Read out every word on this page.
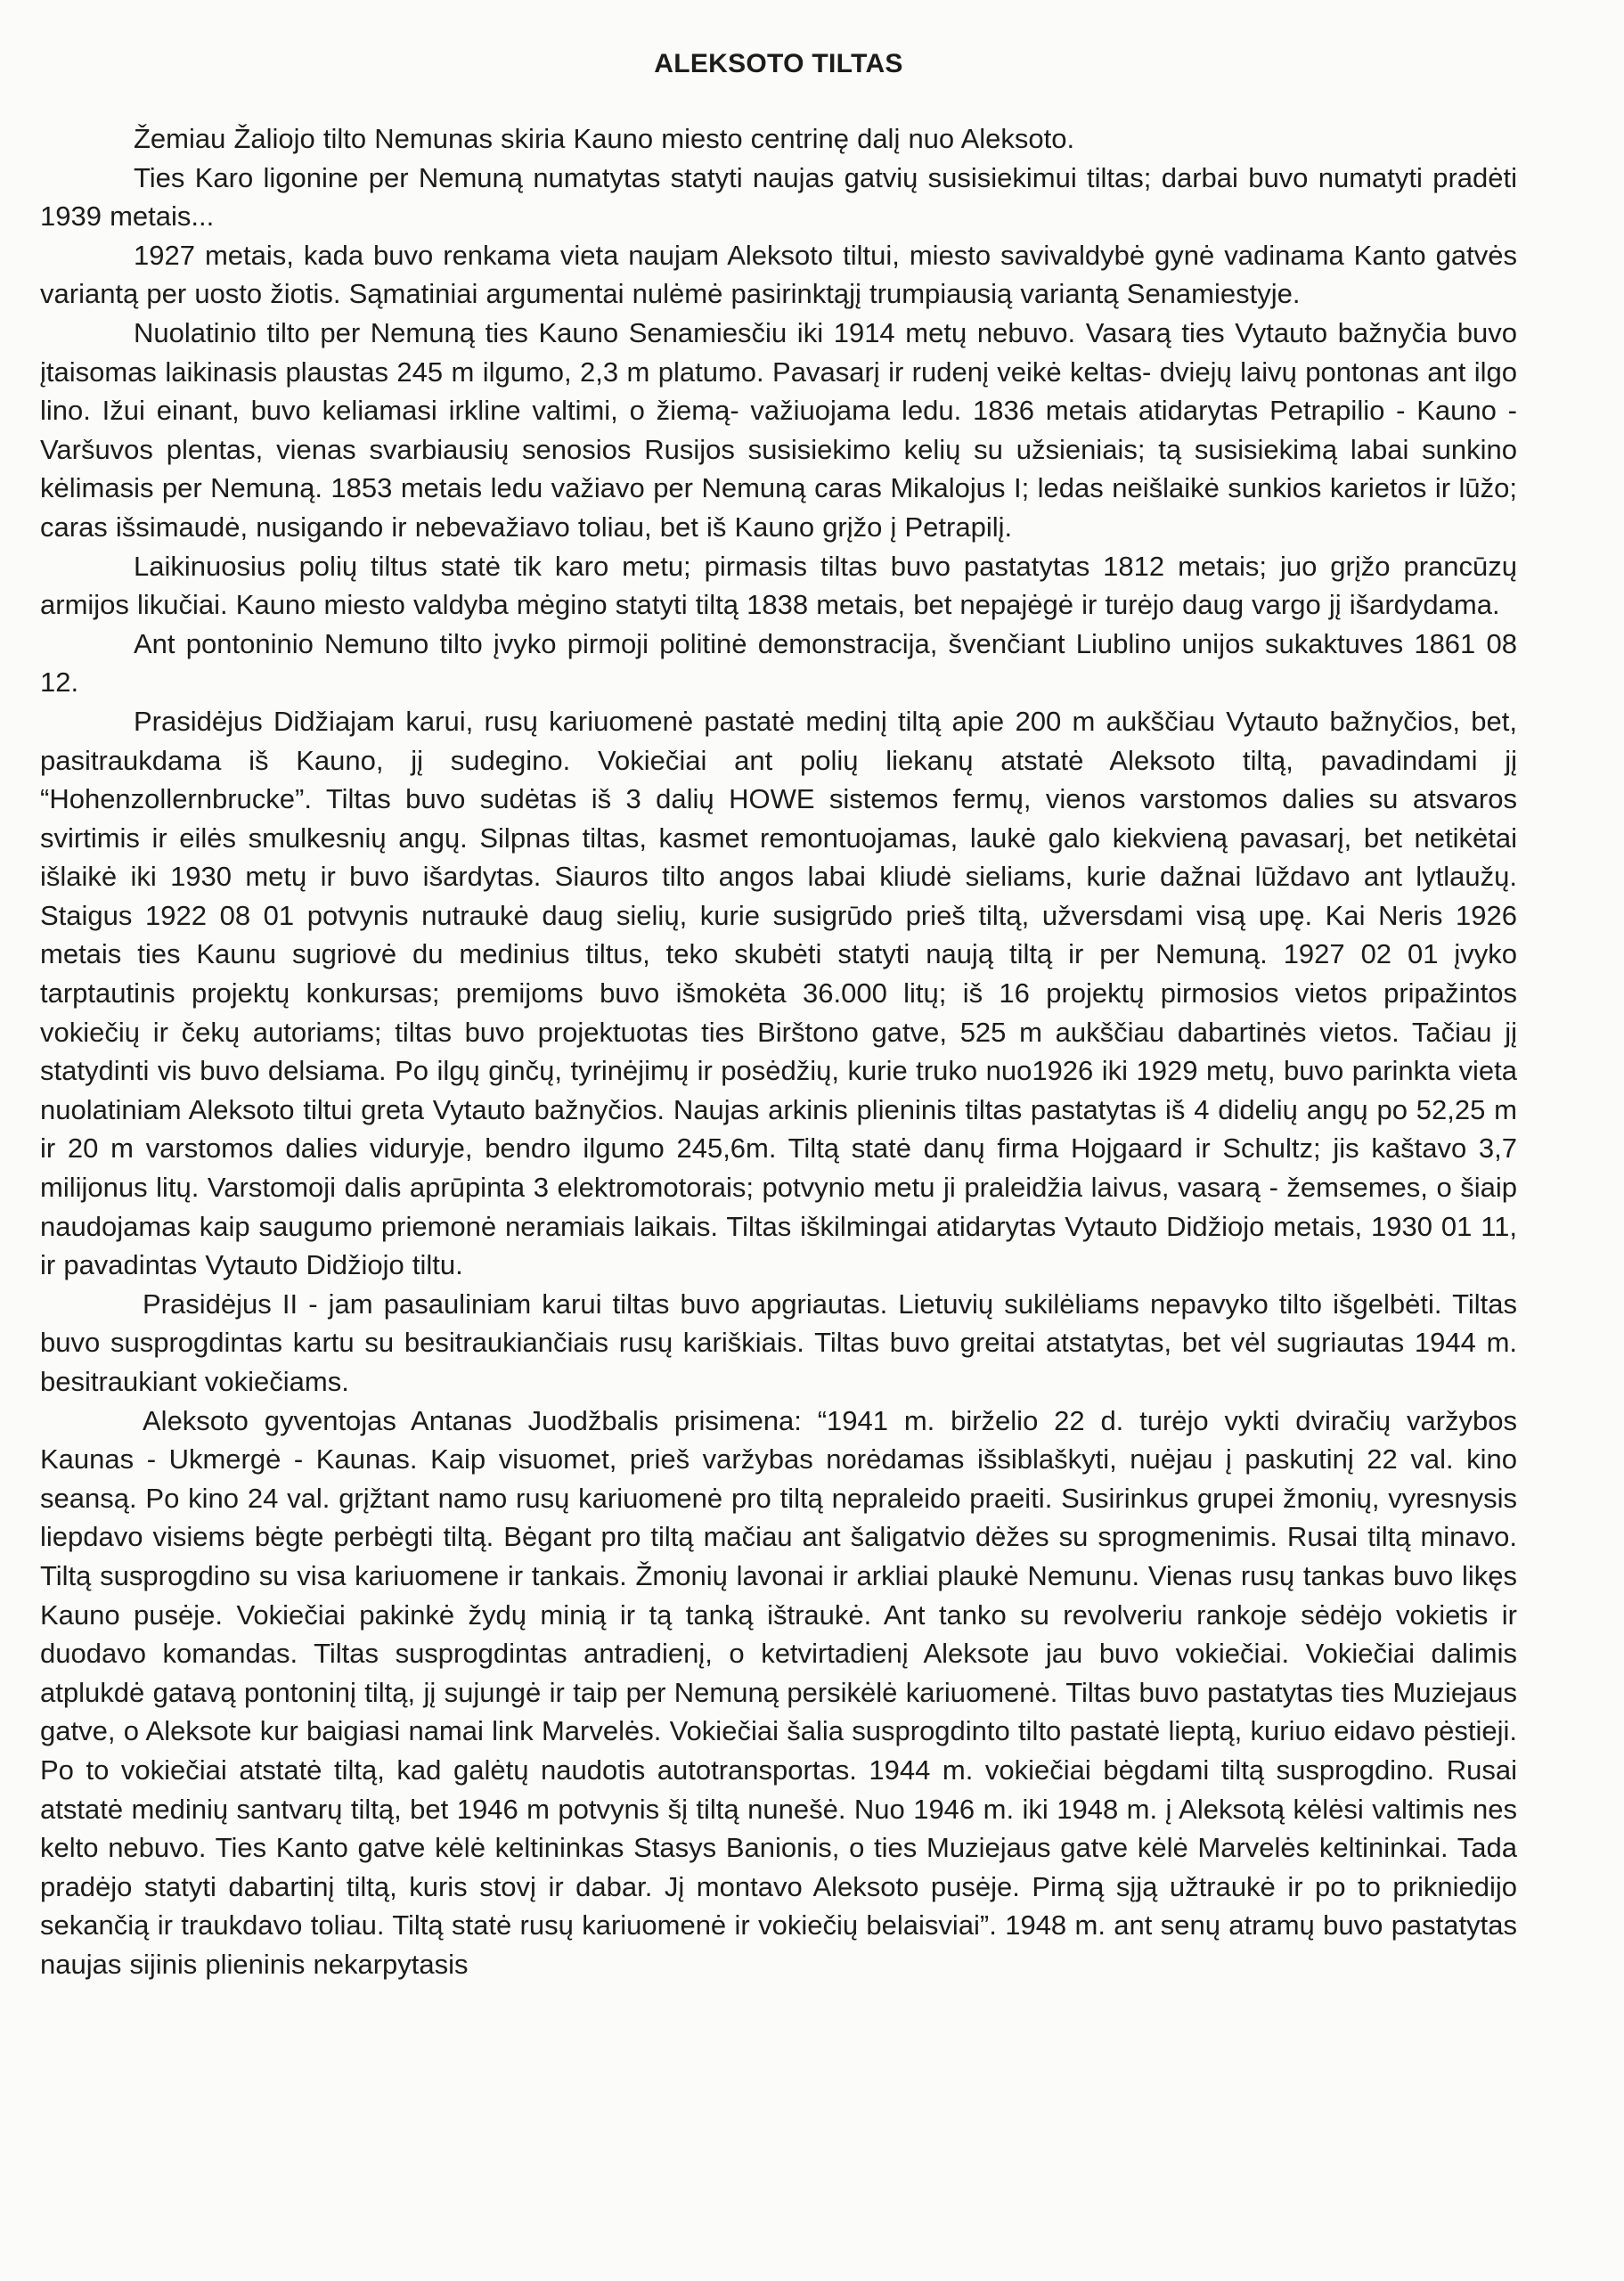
ALEKSOTO TILTAS

Žemiau Žaliojo tilto Nemunas skiria Kauno miesto centrinę dalį nuo Aleksoto.

Ties Karo ligonine per Nemuną numatytas statyti naujas gatvių susisiekimui tiltas; darbai buvo numatyti pradėti 1939 metais...

1927 metais, kada buvo renkama vieta naujam Aleksoto tiltui, miesto savivaldybė gynė vadinama Kanto gatvės variantą per uosto žiotis. Sąmatiniai argumentai nulėmė pasirinktąjį trumpiausią variantą Senamiestyje.

Nuolatinio tilto per Nemuną ties Kauno Senamiesčiu iki 1914 metų nebuvo. Vasarą ties Vytauto bažnyčia buvo įtaisomas laikinasis plaustas 245 m ilgumo, 2,3 m platumo. Pavasarį ir rudenį veikė keltas- dviejų laivų pontonas ant ilgo lino. Ižui einant, buvo keliamasi irkline valtimi, o žiemą- važiuojama ledu. 1836 metais atidarytas Petrapilio - Kauno - Varšuvos plentas, vienas svarbiausių senosios Rusijos susisiekimo kelių su užsieniais; tą susisiekimą labai sunkino kėlimasis per Nemuną. 1853 metais ledu važiavo per Nemuną caras Mikalojus I; ledas neišlaikė sunkios karietos ir lūžo; caras išsimaudė, nusigando ir nebevažiavo toliau, bet iš Kauno grįžo į Petrapilį.

Laikinuosius polių tiltus statė tik karo metu; pirmasis tiltas buvo pastatytas 1812 metais; juo grįžo prancūzų armijos likučiai. Kauno miesto valdyba mėgino statyti tiltą 1838 metais, bet nepajėgė ir turėjo daug vargo jį išardydama.

Ant pontoninio Nemuno tilto įvyko pirmoji politinė demonstracija, švenčiant Liublino unijos sukaktuves 1861 08 12.

Prasidėjus Didžiajam karui, rusų kariuomenė pastatė medinį tiltą apie 200 m aukščiau Vytauto bažnyčios, bet, pasitraukdama iš Kauno, jį sudegino. Vokiečiai ant polių liekanų atstatė Aleksoto tiltą, pavadindami jį “Hohenzollernbrucke”. Tiltas buvo sudėtas iš 3 dalių HOWE sistemos fermų, vienos varstomos dalies su atsvaros svirtimis ir eilės smulkesnių angų. Silpnas tiltas, kasmet remontuojamas, laukė galo kiekvieną pavasarį, bet netikėtai išlaikė iki 1930 metų ir buvo išardytas. Siauros tilto angos labai kliudė sieliams, kurie dažnai lūždavo ant lytlaužų. Staigus 1922 08 01 potvynis nutraukė daug sielių, kurie susigrūdo prieš tiltą, užversdami visą upę. Kai Neris 1926 metais ties Kaunu sugriovė du medinius tiltus, teko skubėti statyti naują tiltą ir per Nemuną. 1927 02 01 įvyko tarptautinis projektų konkursas; premijoms buvo išmokėta 36.000 litų; iš 16 projektų pirmosios vietos pripažintos vokiečių ir čekų autoriams; tiltas buvo projektuotas ties Birštono gatve, 525 m aukščiau dabartinės vietos. Tačiau jį statydinti vis buvo delsiama. Po ilgų ginčų, tyrinėjimų ir posėdžių, kurie truko nuo1926 iki 1929 metų, buvo parinkta vieta nuolatiniam Aleksoto tiltui greta Vytauto bažnyčios. Naujas arkinis plieninis tiltas pastatytas iš 4 didelių angų po 52,25 m ir 20 m varstomos dalies viduryje, bendro ilgumo 245,6m. Tiltą statė danų firma Hojgaard ir Schultz; jis kaštavo 3,7 milijonus litų. Varstomoji dalis aprūpinta 3 elektromotorais; potvynio metu ji praleidžia laivus, vasarą - žemsemes, o šiaip naudojamas kaip saugumo priemonė neramiais laikais. Tiltas iškilmingai atidarytas Vytauto Didžiojo metais, 1930 01 11, ir pavadintas Vytauto Didžiojo tiltu.

Prasidėjus II - jam pasauliniam karui tiltas buvo apgriautas. Lietuvių sukilėliams nepavyko tilto išgelbėti. Tiltas buvo susprogdintas kartu su besitraukiančiais rusų kariškiais. Tiltas buvo greitai atstatytas, bet vėl sugriautas 1944 m. besitraukiant vokiečiams.

Aleksoto gyventojas Antanas Juodžbalis prisimena: “1941 m. birželio 22 d. turėjo vykti dviračių varžybos Kaunas - Ukmergė - Kaunas. Kaip visuomet, prieš varžybas norėdamas išsiblaškyti, nuėjau į paskutinį 22 val. kino seansą. Po kino 24 val. grįžtant namo rusų kariuomenė pro tiltą nepraleido praeiti. Susirinkus grupei žmonių, vyresnysis liepdavo visiems bėgte perbėgti tiltą. Bėgant pro tiltą mačiau ant šaligatvio dėžes su sprogmenimis. Rusai tiltą minavo. Tiltą susprogdino su visa kariuomene ir tankais. Žmonių lavonai ir arkliai plaukė Nemunu. Vienas rusų tankas buvo likęs Kauno pusėje. Vokiečiai pakinkė žydų minią ir tą tanką ištraukė. Ant tanko su revolveriu rankoje sėdėjo vokietis ir duodavo komandas. Tiltas susprogdintas antradienį, o ketvirtadienį Aleksote jau buvo vokiečiai. Vokiečiai dalimis atplukdė gatavą pontoninį tiltą, jį sujungė ir taip per Nemuną persikėlė kariuomenė. Tiltas buvo pastatytas ties Muziejaus gatve, o Aleksote kur baigiasi namai link Marvelės. Vokiečiai šalia susprogdinto tilto pastatė lieptą, kuriuo eidavo pėstieji. Po to vokiečiai atstatė tiltą, kad galėtų naudotis autotransportas. 1944 m. vokiečiai bėgdami tiltą susprogdino. Rusai atstatė medinių santvarų tiltą, bet 1946 m potvynis šį tiltą nunešė. Nuo 1946 m. iki 1948 m. į Aleksotą kėlėsi valtimis nes kelto nebuvo. Ties Kanto gatve kėlė keltininkas Stasys Banionis, o ties Muziejaus gatve kėlė Marvelės keltininkai. Tada pradėjo statyti dabartinį tiltą, kuris stovį ir dabar. Jį montavo Aleksoto pusėje. Pirmą sįją užtraukė ir po to prikniedijo sekančią ir traukdavo toliau. Tiltą statė rusų kariuomenė ir vokiečių belaisviai”. 1948 m. ant senų atramų buvo pastatytas naujas sijinis plieninis nekarpytasis
